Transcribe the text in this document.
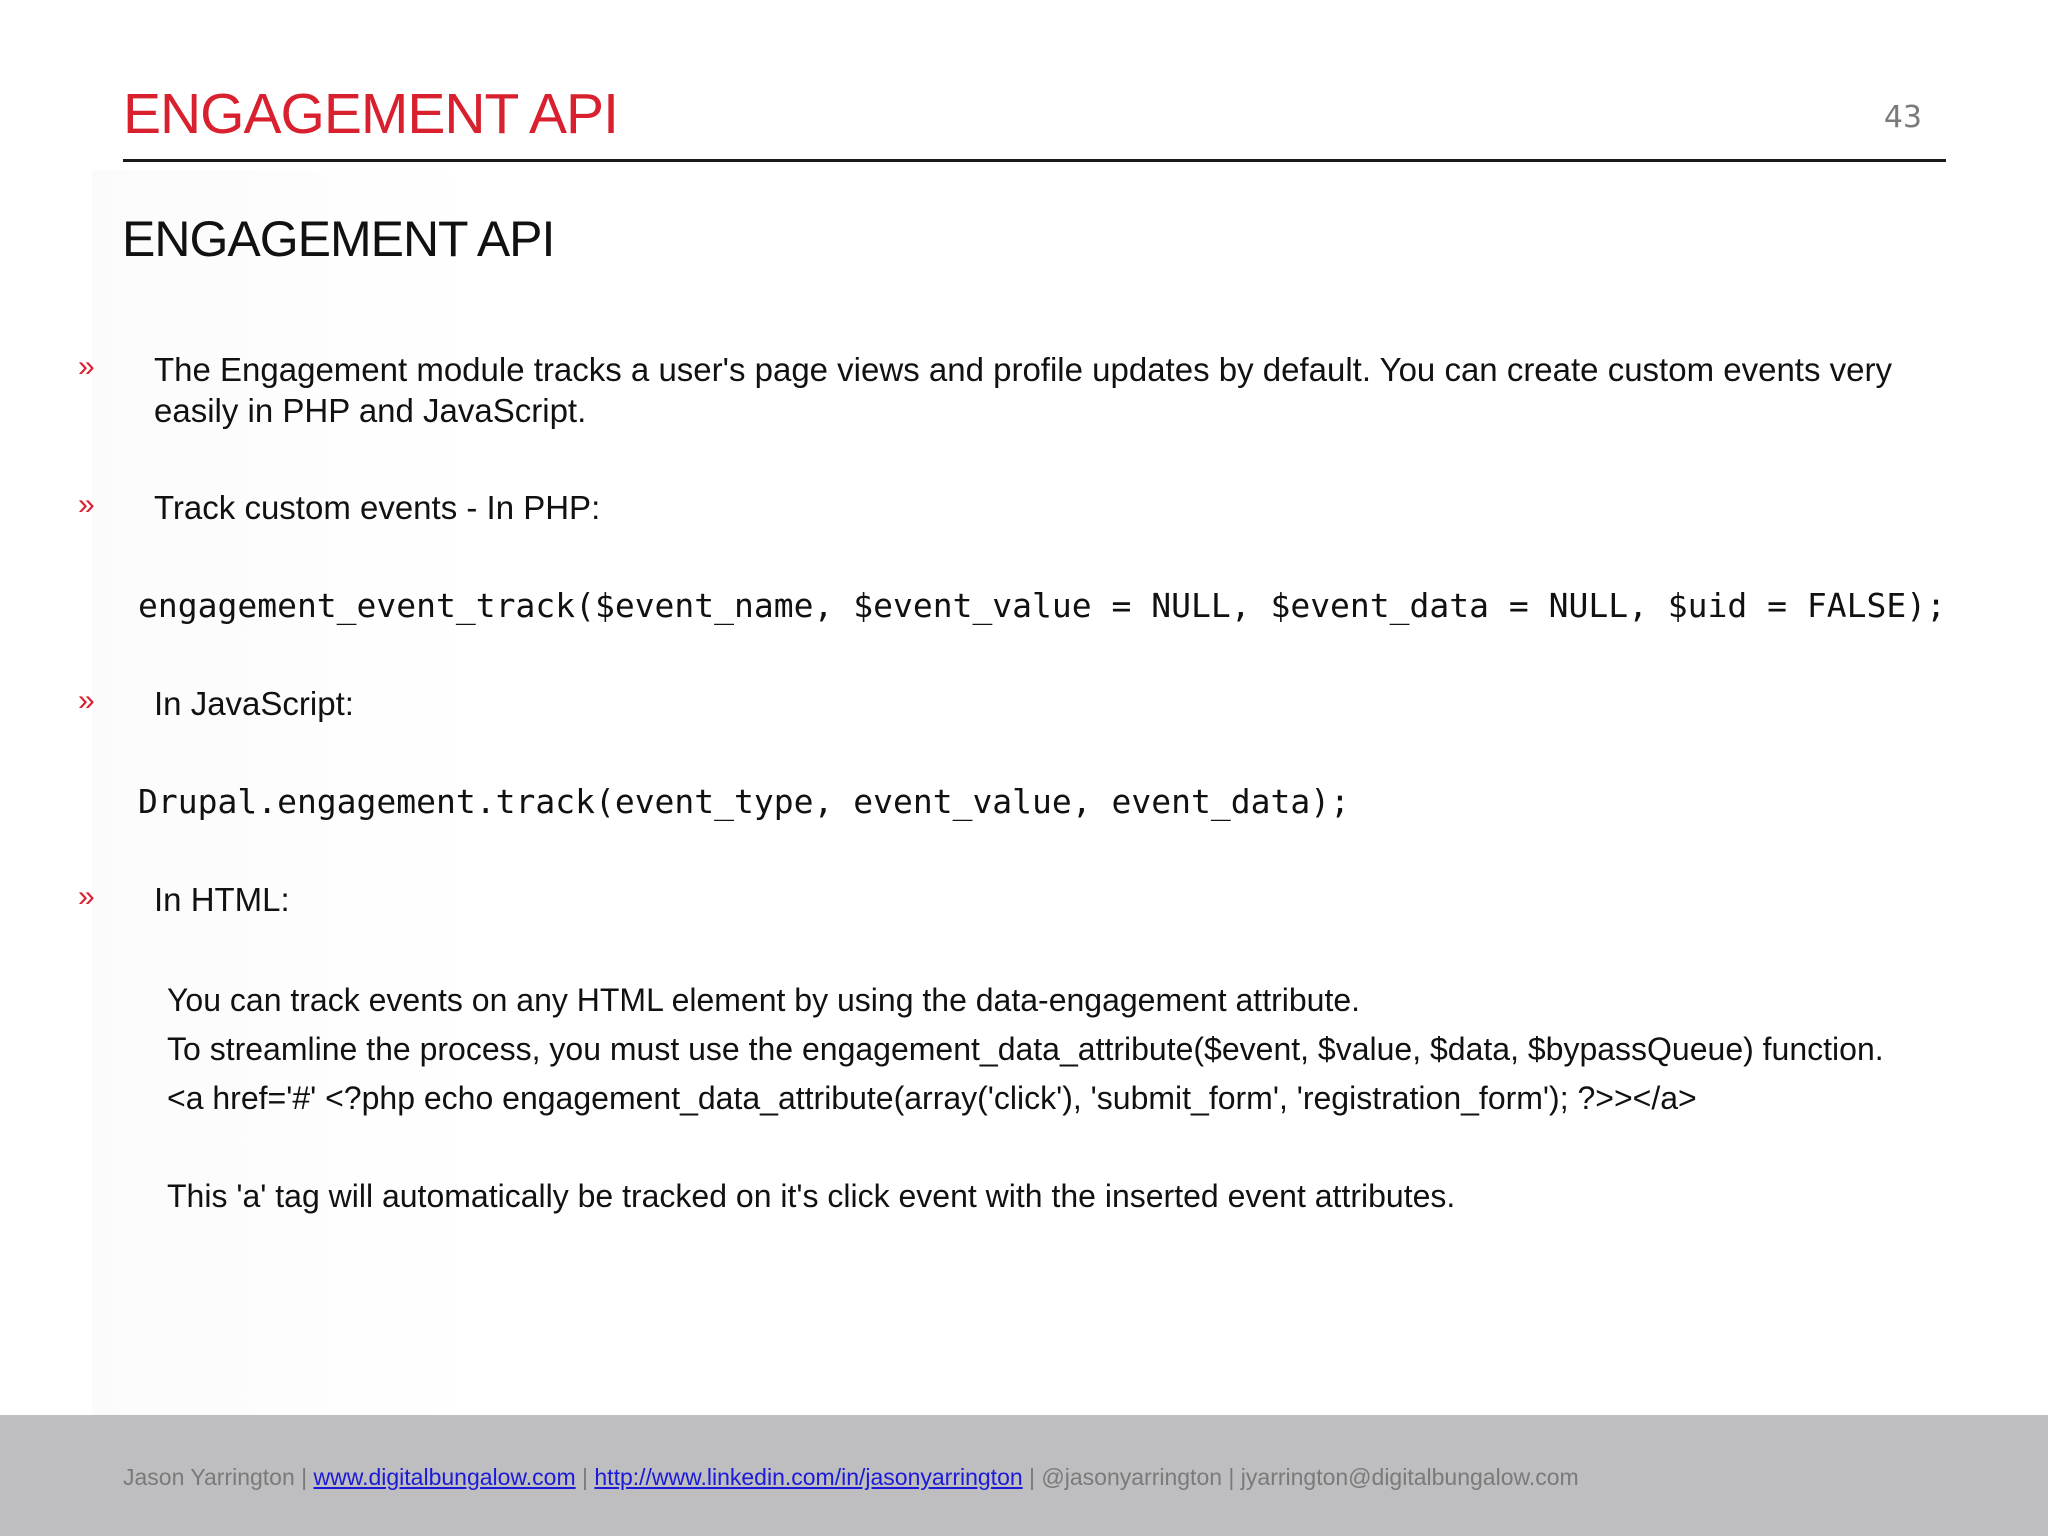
ENGAGEMENT API	43
ENGAGEMENT API
» The Engagement module tracks a user's page views and profile updates by default. You can create custom events very
easily in PHP and JavaScript.
» Track custom events - In PHP:
engagement_event_track($event_name, $event_value = NULL, $event_data = NULL, $uid = FALSE);
» In JavaScript:
Drupal.engagement.track(event_type, event_value, event_data);
» In HTML:
You can track events on any HTML element by using the data-engagement attribute.
To streamline the process, you must use the engagement_data_attribute($event, $value, $data, $bypassQueue) function.
<a href='#' <?php echo engagement_data_attribute(array('click'), 'submit_form', 'registration_form'); ?>></a>
This 'a' tag will automatically be tracked on it's click event with the inserted event attributes.
Jason Yarrington | www.digitalbungalow.com | http://www.linkedin.com/in/jasonyarrington | @jasonyarrington | jyarrington@digitalbungalow.com
